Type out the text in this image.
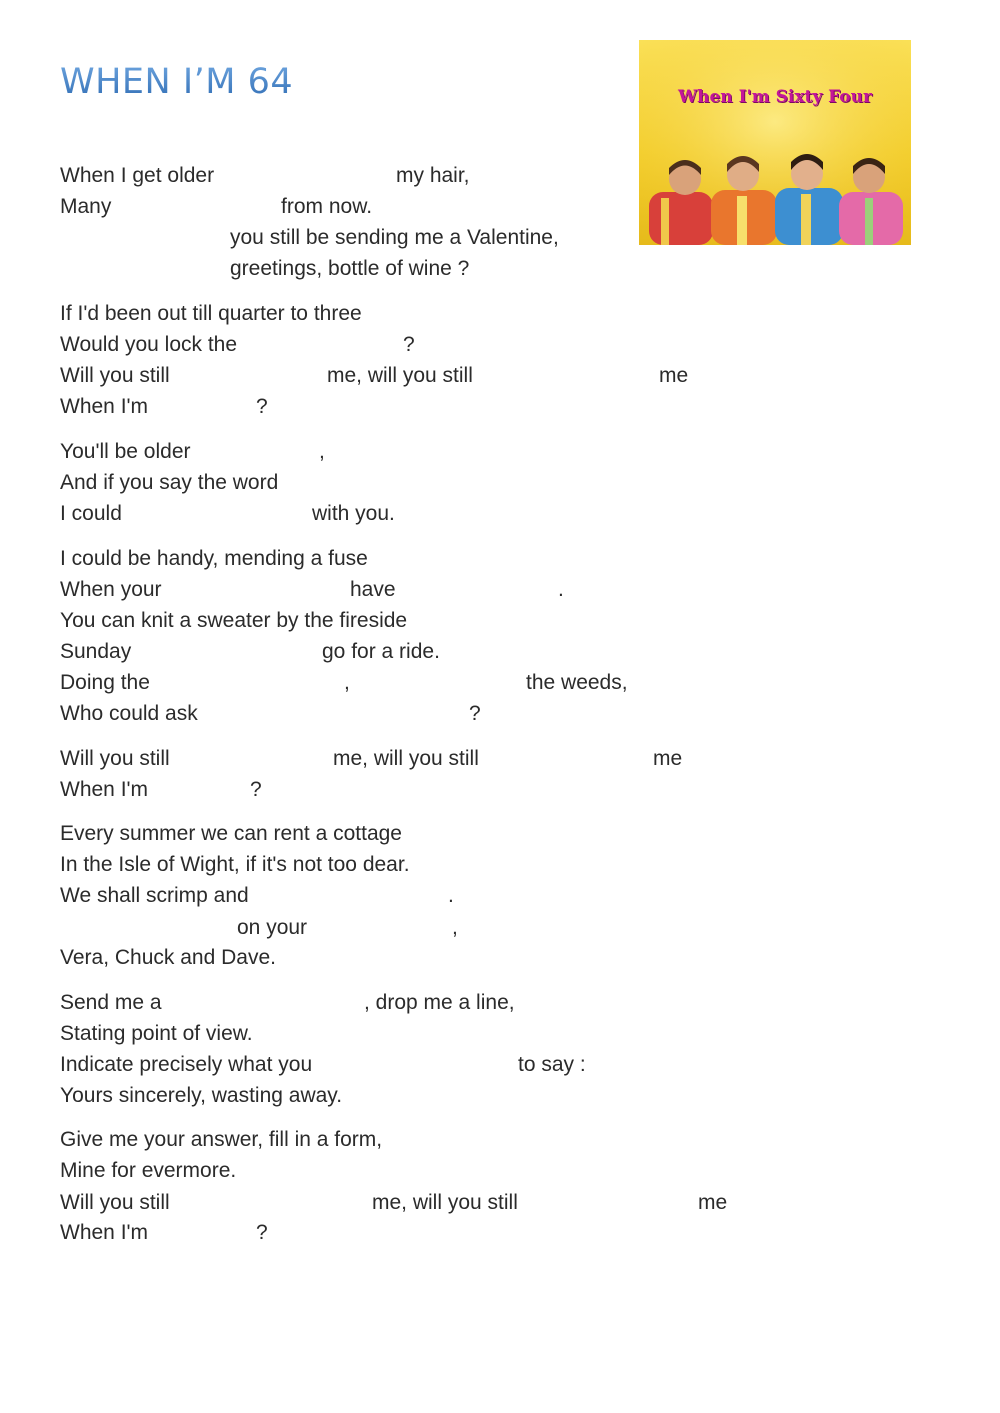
WHEN I’M 64	When I'm Sixty Four
When I get older	my hair,
Many	from now.
you still be sending me a Valentine,
greetings, bottle of wine ?
If I'd been out till quarter to three
Would you lock the	?
Will you still	me, will you still	me
When I'm	?
You'll be older	,
And if you say the word
I could	with you.
I could be handy, mending a fuse
When your	have	.
You can knit a sweater by the fireside
Sunday	go for a ride.
Doing the	,	the weeds,
Who could ask	?
Will you still	me, will you still	me
When I'm	?
Every summer we can rent a cottage
In the Isle of Wight, if it's not too dear.
We shall scrimp and	.
on your	,
Vera, Chuck and Dave.
Send me a	, drop me a line,
Stating point of view.
Indicate precisely what you	to say :
Yours sincerely, wasting away.
Give me your answer, fill in a form,
Mine for evermore.
Will you still	me, will you still	me
When I'm	?
